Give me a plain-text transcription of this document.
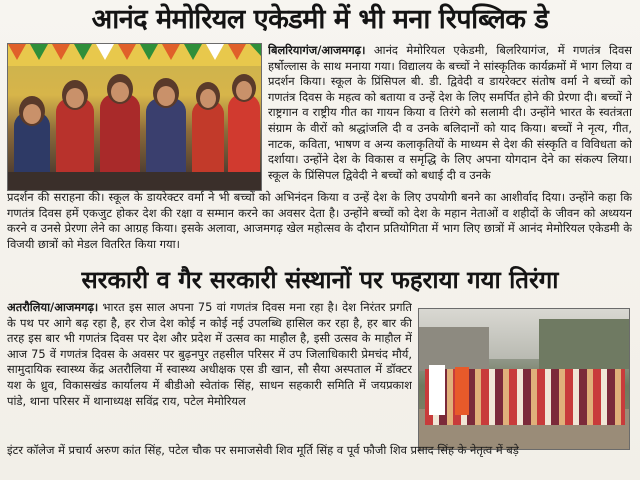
आनंद मेमोरियल एकेडमी में भी मना रिपब्लिक डे
बिलरियागंज/आजमगढ़। आनंद मेमोरियल एकेडमी, बिलरियागंज, में गणतंत्र दिवस हर्षोल्लास के साथ मनाया गया। विद्यालय के बच्चों ने सांस्कृतिक कार्यक्रमों में भाग लिया व प्रदर्शन किया। स्कूल के प्रिंसिपल बी. डी. द्विवेदी व डायरेक्टर संतोष वर्मा ने बच्चों को गणतंत्र दिवस के महत्व को बताया व उन्हें देश के लिए समर्पित होने की प्रेरणा दी। बच्चों ने राष्ट्रगान व राष्ट्रीय गीत का गायन किया व तिरंगे को सलामी दी। उन्होंने भारत के स्वतंत्रता संग्राम के वीरों को श्रद्धांजलि दी व उनके बलिदानों को याद किया। बच्चों ने नृत्य, गीत, नाटक, कविता, भाषण व अन्य कलाकृतियों के माध्यम से देश की संस्कृति व विविधता को दर्शाया। उन्होंने देश के विकास व समृद्धि के लिए अपना योगदान देने का संकल्प लिया। स्कूल के प्रिंसिपल द्विवेदी ने बच्चों को बधाई दी व उनके
प्रदर्शन की सराहना की। स्कूल के डायरेक्टर वर्मा ने भी बच्चों को अभिनंदन किया व उन्हें देश के लिए उपयोगी बनने का आशीर्वाद दिया। उन्होंने कहा कि गणतंत्र दिवस हमें एकजुट होकर देश की रक्षा व सम्मान करने का अवसर देता है। उन्होंने बच्चों को देश के महान नेताओं व शहीदों के जीवन को अध्ययन करने व उनसे प्रेरणा लेने का आग्रह किया। इसके अलावा, आजमगढ़ खेल महोत्सव के दौरान प्रतियोगिता में भाग लिए छात्रों में आनंद मेमोरियल एकेडमी के विजयी छात्रों को मेडल वितरित किया गया।
सरकारी व गैर सरकारी संस्थानों पर फहराया गया तिरंगा
अतरौलिया/आजमगढ़। भारत इस साल अपना 75 वां गणतंत्र दिवस मना रहा है। देश निरंतर प्रगति के पथ पर आगे बढ़ रहा है, हर रोज देश कोई न कोई नई उपलब्धि हासिल कर रहा है, हर बार की तरह इस बार भी गणतंत्र दिवस पर देश और प्रदेश में उत्सव का माहौल है, इसी उत्सव के माहौल में आज 75 वें गणतंत्र दिवस के अवसर पर बुढ़नपुर तहसील परिसर में उप जिलाधिकारी प्रेमचंद मौर्य, सामुदायिक स्वास्थ्य केंद्र अतरौलिया में स्वास्थ्य अधीक्षक एस डी खान, सौ सैया अस्पताल में डॉक्टर यश के ध्रुव, विकासखंड कार्यालय में बीडीओ स्वेतांक सिंह, साधन सहकारी समिति में जयप्रकाश पांडे, थाना परिसर में थानाध्यक्ष सविंद्र राय, पटेल मेमोरियल
इंटर कॉलेज में प्रचार्य अरुण कांत सिंह, पटेल चौक पर समाजसेवी शिव मूर्ति सिंह व पूर्व फौजी शिव प्रसाद सिंह के नेतृत्व में बड़े
